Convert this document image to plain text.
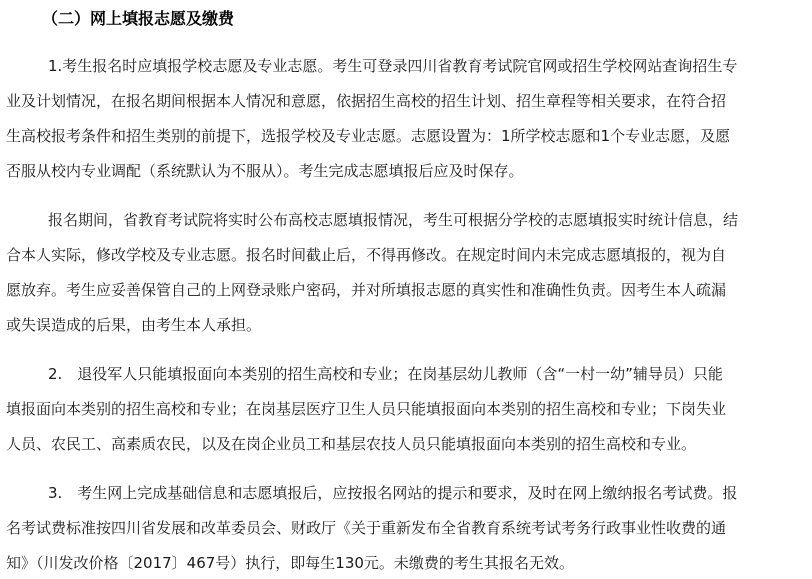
（二）网上填报志愿及缴费
1.考生报名时应填报学校志愿及专业志愿。考生可登录四川省教育考试院官网或招生学校网站查询招生专
业及计划情况，在报名期间根据本人情况和意愿，依据招生高校的招生计划、招生章程等相关要求，在符合招
生高校报考条件和招生类别的前提下，选报学校及专业志愿。志愿设置为：1所学校志愿和1个专业志愿，及愿
否服从校内专业调配（系统默认为不服从）。考生完成志愿填报后应及时保存。
报名期间，省教育考试院将实时公布高校志愿填报情况，考生可根据分学校的志愿填报实时统计信息，结
合本人实际，修改学校及专业志愿。报名时间截止后，不得再修改。在规定时间内未完成志愿填报的，视为自
愿放弃。考生应妥善保管自己的上网登录账户密码，并对所填报志愿的真实性和准确性负责。因考生本人疏漏
或失误造成的后果，由考生本人承担。
2.　退役军人只能填报面向本类别的招生高校和专业；在岗基层幼儿教师（含“一村一幼”辅导员）只能
填报面向本类别的招生高校和专业；在岗基层医疗卫生人员只能填报面向本类别的招生高校和专业；下岗失业
人员、农民工、高素质农民，以及在岗企业员工和基层农技人员只能填报面向本类别的招生高校和专业。
3.　考生网上完成基础信息和志愿填报后，应按报名网站的提示和要求，及时在网上缴纳报名考试费。报
名考试费标准按四川省发展和改革委员会、财政厅《关于重新发布全省教育系统考试考务行政事业性收费的通
知》（川发改价格〔2017〕467号）执行，即每生130元。未缴费的考生其报名无效。
